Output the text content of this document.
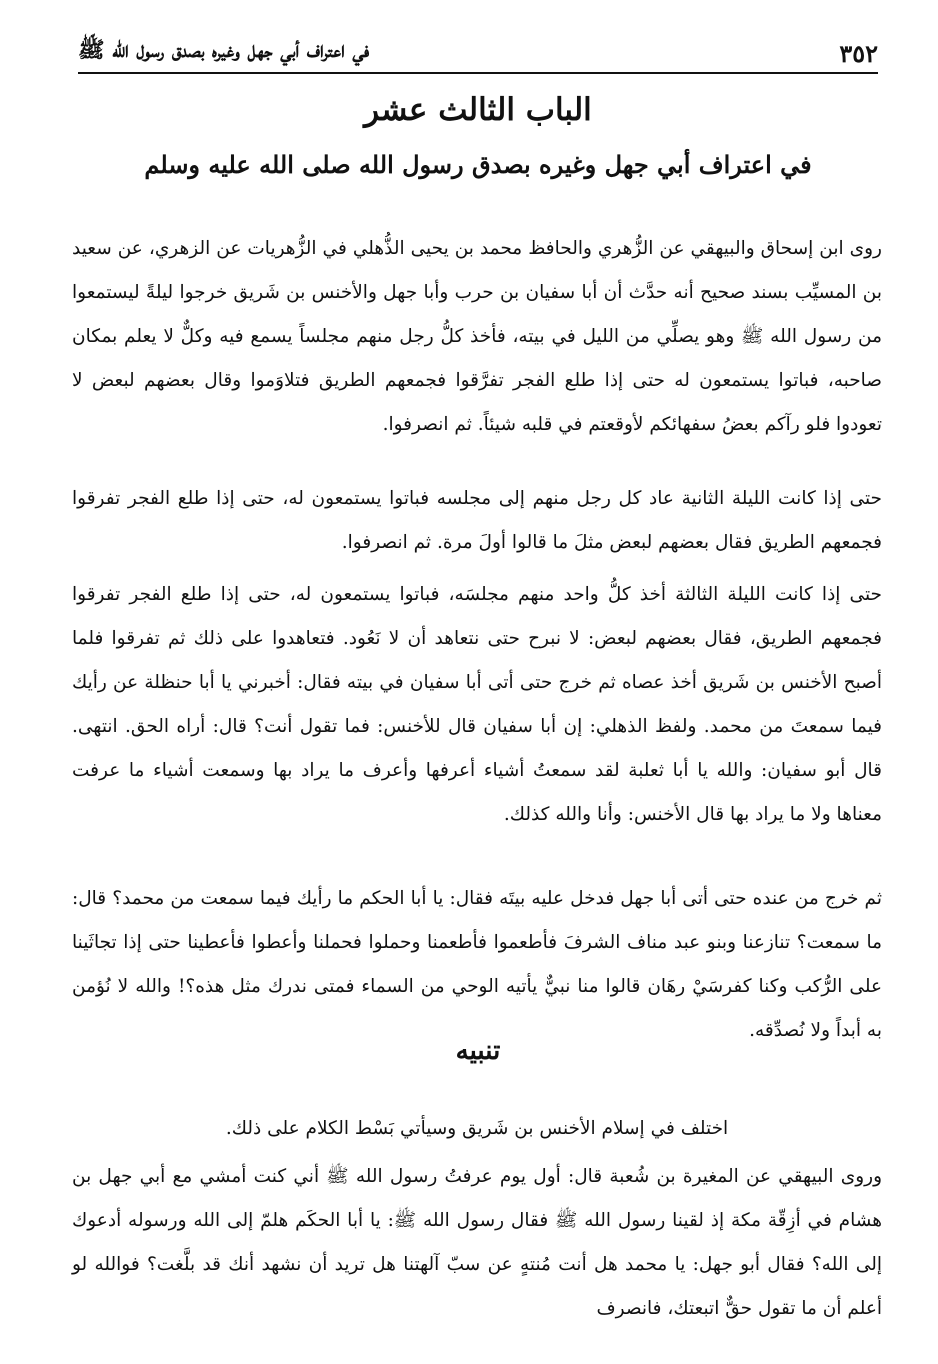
٣٥٢
في اعتراف أبي جهل وغيره بصدق رسول الله ﷺ
الباب الثالث عشر
في اعتراف أبي جهل وغيره بصدق رسول الله صلى الله عليه وسلم

روى ابن إسحاق والبيهقي عن الزُّهري والحافظ محمد بن يحيى الذُّهلي في الزُّهريات عن الزهري، عن سعيد بن المسيِّب بسند صحيح أنه حدَّث أن أبا سفيان بن حرب وأبا جهل والأخنس بن شَريق خرجوا ليلةً ليستمعوا من رسول الله ﷺ وهو يصلِّي من الليل في بيته، فأخذ كلُّ رجل منهم مجلساً يسمع فيه وكلٌّ لا يعلم بمكان صاحبه، فباتوا يستمعون له حتى إذا طلع الفجر تفرَّقوا فجمعهم الطريق فتلاوَموا وقال بعضهم لبعض لا تعودوا فلو رآكم بعضُ سفهائكم لأوقعتم في قلبه شيئاً. ثم انصرفوا.

حتى إذا كانت الليلة الثانية عاد كل رجل منهم إلى مجلسه فباتوا يستمعون له، حتى إذا طلع الفجر تفرقوا فجمعهم الطريق فقال بعضهم لبعض مثلَ ما قالوا أولَ مرة. ثم انصرفوا.

حتى إذا كانت الليلة الثالثة أخذ كلُّ واحد منهم مجلسَه، فباتوا يستمعون له، حتى إذا طلع الفجر تفرقوا فجمعهم الطريق، فقال بعضهم لبعض: لا نبرح حتى نتعاهد أن لا نَعُود. فتعاهدوا على ذلك ثم تفرقوا فلما أصبح الأخنس بن شَريق أخذ عصاه ثم خرج حتى أتى أبا سفيان في بيته فقال: أخبرني يا أبا حنظلة عن رأيك فيما سمعتَ من محمد. ولفظ الذهلي: إن أبا سفيان قال للأخنس: فما تقول أنت؟ قال: أراه الحق. انتهى. قال أبو سفيان: والله يا أبا ثعلبة لقد سمعتُ أشياء أعرفها وأعرف ما يراد بها وسمعت أشياء ما عرفت معناها ولا ما يراد بها قال الأخنس: وأنا والله كذلك.

ثم خرج من عنده حتى أتى أبا جهل فدخل عليه بيتَه فقال: يا أبا الحكم ما رأيك فيما سمعت من محمد؟ قال: ما سمعت؟ تنازعنا وبنو عبد مناف الشرفَ فأطعموا فأطعمنا وحملوا فحملنا وأعطوا فأعطينا حتى إذا تجاثَينا على الرُّكب وكنا كفرسَيْ رهَان قالوا منا نبيٌّ يأتيه الوحي من السماء فمتى ندرك مثل هذه؟! والله لا نُؤمن به أبداً ولا نُصدِّقه.

تنبيه

اختلف في إسلام الأخنس بن شَريق وسيأتي بَسْط الكلام على ذلك.

وروى البيهقي عن المغيرة بن شُعبة قال: أول يوم عرفتُ رسول الله ﷺ أني كنت أمشي مع أبي جهل بن هشام في أزِقّة مكة إذ لقينا رسول الله ﷺ فقال رسول الله ﷺ: يا أبا الحكَم هلمّ إلى الله ورسوله أدعوك إلى الله؟ فقال أبو جهل: يا محمد هل أنت مُنتهٍ عن سبّ آلهتنا هل تريد أن نشهد أنك قد بلَّغت؟ فوالله لو أعلم أن ما تقول حقٌّ اتبعتك، فانصرف
